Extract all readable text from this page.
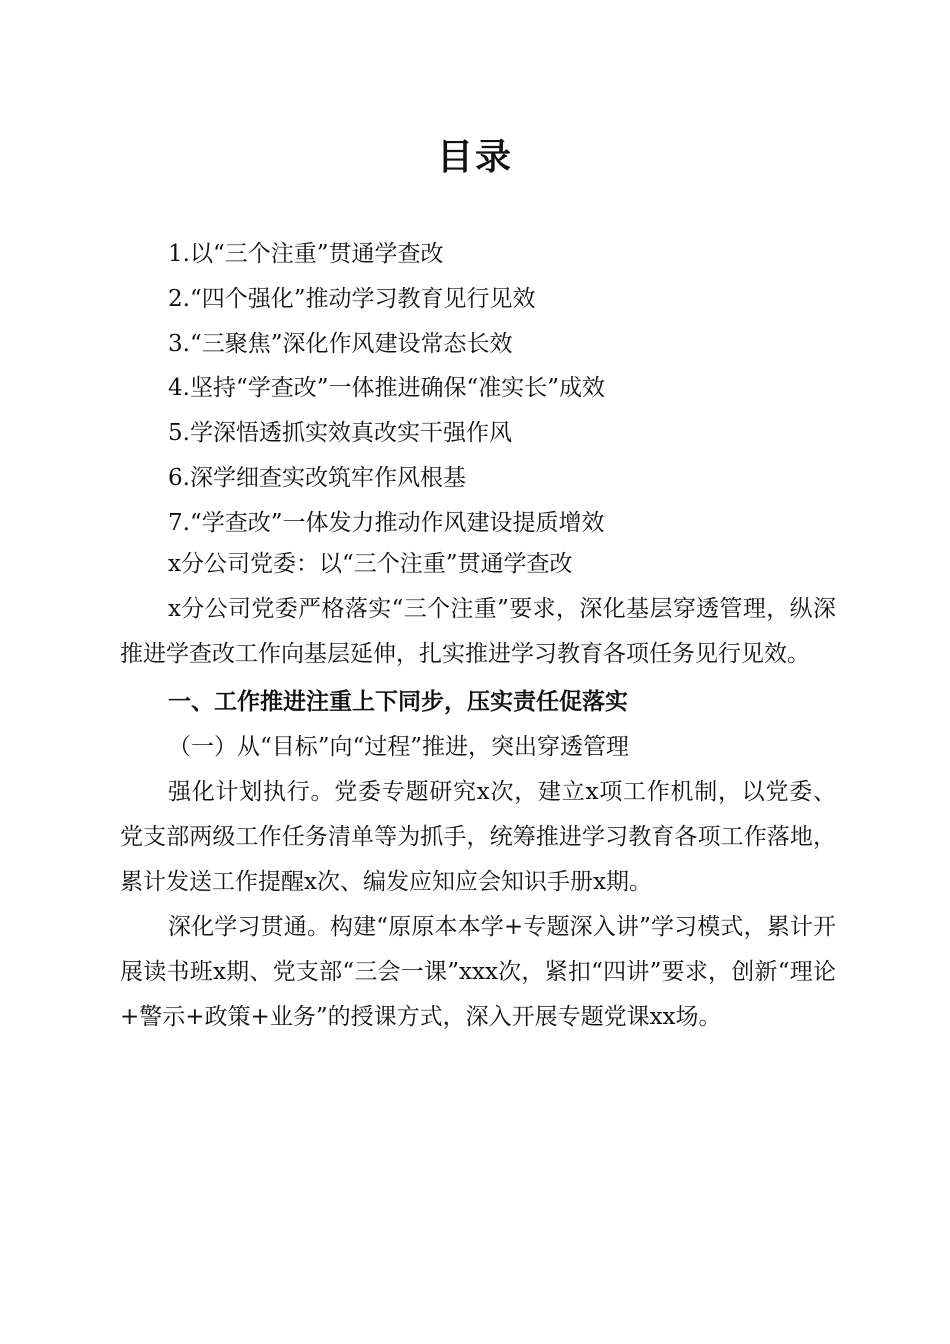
目录
1.以“三个注重”贯通学查改
2.“四个强化”推动学习教育见行见效
3.“三聚焦”深化作风建设常态长效
4.坚持“学查改”一体推进确保“准实长”成效
5.学深悟透抓实效真改实干强作风
6.深学细查实改筑牢作风根基
7.“学查改”一体发力推动作风建设提质增效

x分公司党委：以“三个注重”贯通学查改

x分公司党委严格落实“三个注重”要求，深化基层穿透管理，纵深推进学查改工作向基层延伸，扎实推进学习教育各项任务见行见效。

一、工作推进注重上下同步，压实责任促落实

（一）从“目标”向“过程”推进，突出穿透管理

强化计划执行。党委专题研究x次，建立x项工作机制，以党委、党支部两级工作任务清单等为抓手，统筹推进学习教育各项工作落地，累计发送工作提醒x次、编发应知应会知识手册x期。

深化学习贯通。构建“原原本本学+专题深入讲”学习模式，累计开展读书班x期、党支部“三会一课”xxx次，紧扣“四讲”要求，创新“理论+警示+政策+业务”的授课方式，深入开展专题党课xx场。
